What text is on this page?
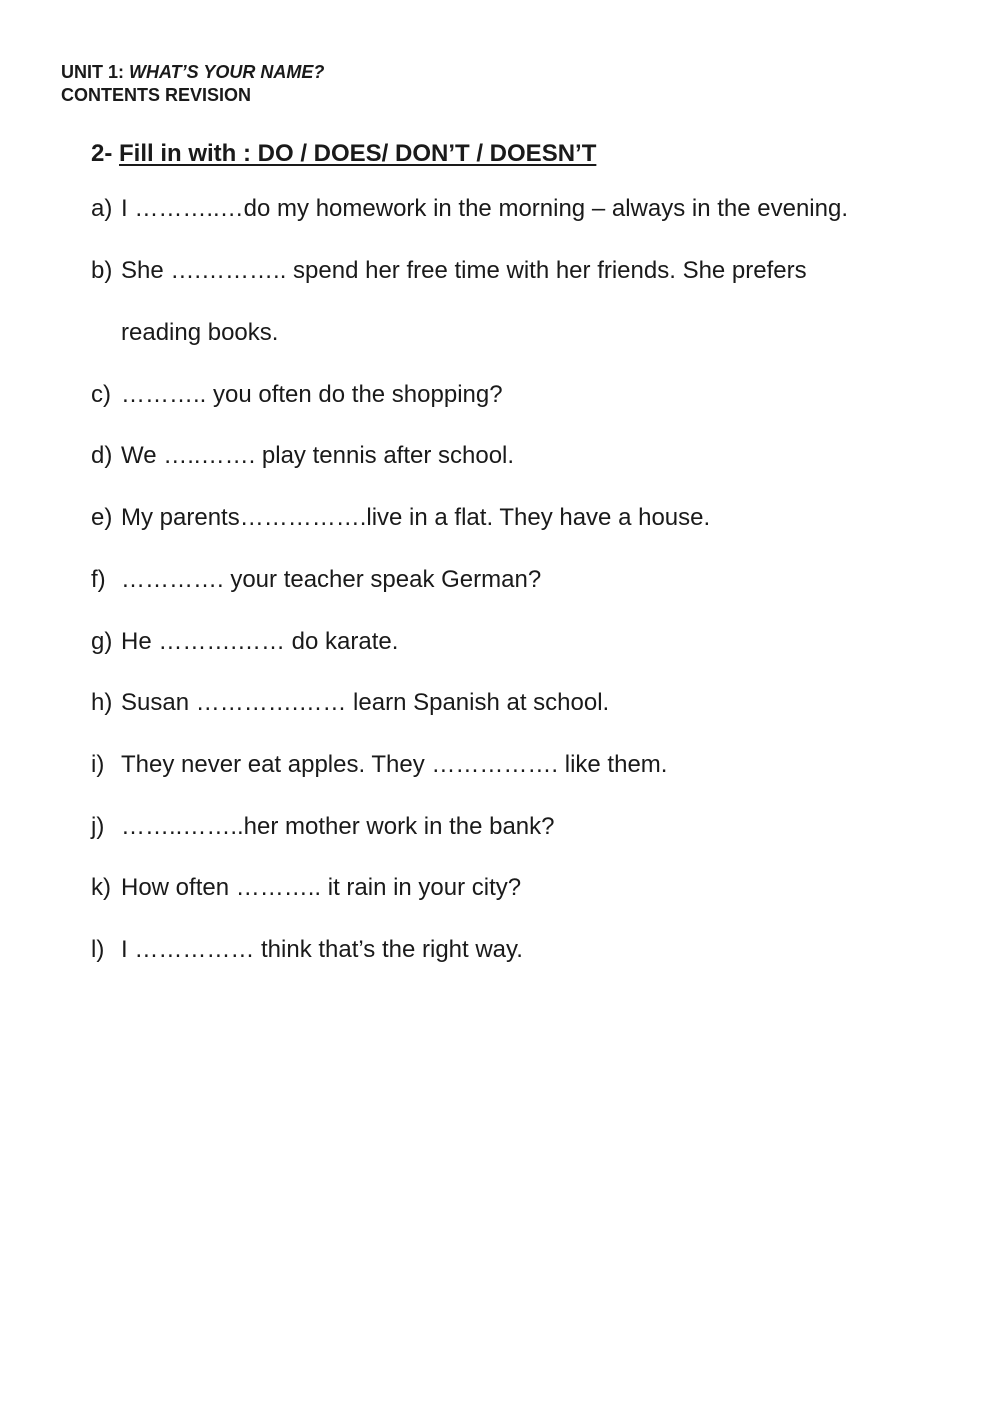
UNIT 1: WHAT’S YOUR NAME?
CONTENTS REVISION
2- Fill in with : DO / DOES/ DON’T / DOESN’T
a) I ………..…do my homework in the morning – always in the evening.
b) She ….……….. spend her free time with her friends. She prefers
reading books.
c) ……….. you often do the shopping?
d) We …..……. play tennis after school.
e) My parents…………….live in a flat. They have a house.
f) …………. your teacher speak German?
g) He ……….…… do karate.
h) Susan ………….…… learn Spanish at school.
i) They never eat apples. They ……………. like them.
j) ……..……..her mother work in the bank?
k) How often ……….. it rain in your city?
l) I …………… think that’s the right way.
